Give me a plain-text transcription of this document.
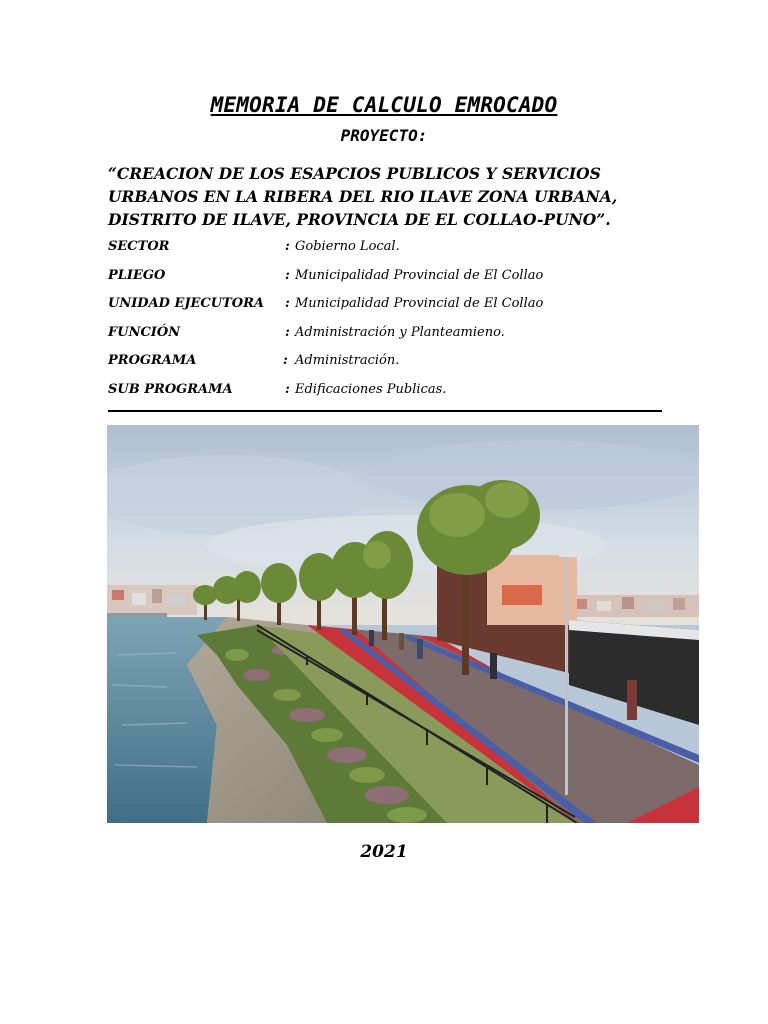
MEMORIA DE CALCULO EMROCADO
PROYECTO:
“CREACION DE LOS ESAPCIOS PUBLICOS Y SERVICIOS
URBANOS EN LA RIBERA DEL RIO ILAVE ZONA URBANA,
DISTRITO DE ILAVE, PROVINCIA DE EL COLLAO-PUNO”.
SECTOR	: Gobierno Local.
PLIEGO	: Municipalidad Provincial de El Collao
UNIDAD EJECUTORA : Municipalidad Provincial de El Collao
FUNCIÓN	: Administración y Planteamieno.
PROGRAMA	: Administración.
SUB PROGRAMA	: Edificaciones Publicas.
2021
